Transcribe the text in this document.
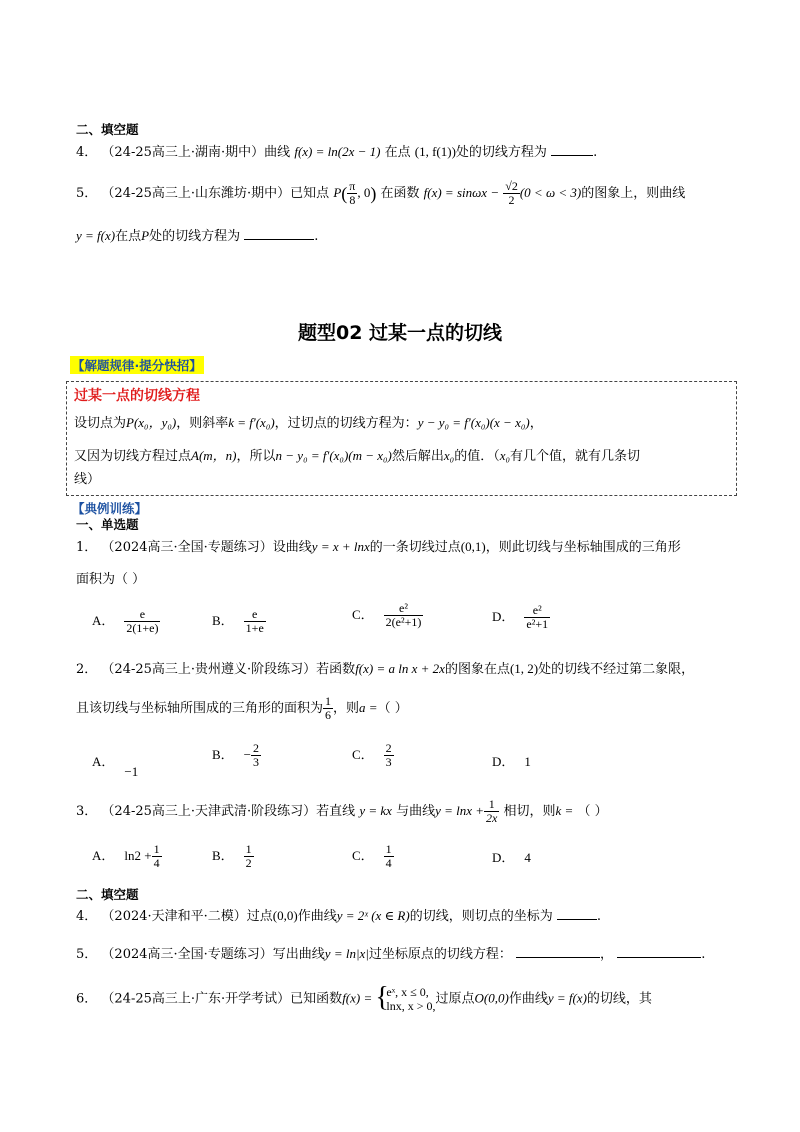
二、填空题
4． （24-25高三上·湖南·期中）曲线 f(x) = ln(2x − 1) 在点 (1, f(1))处的切线方程为	.
5． （24-25高三上·山东潍坊·期中）已知点 $P( \frac{\pi}{8}$ , 0) 在函数 $f(x) = \sin\omega x - \frac{√2}{2} (0 < \omega < 3)$的图象上，则曲线
y = f(x)在点P处的切线方程为	.
题型02 过某一点的切线
【解题规律·提分快招】
过某一点的切线方程
设切点为P(x₀，y₀)，则斜率k = f′(x₀)，过切点的切线方程为：y − y₀ = f′(x₀)(x − x₀)，
又因为切线方程过点A(m，n)，所以n − y₀ = f′(x₀)(m − x₀)然后解出x₀的值．（x₀有几个值，就有几条切
线）
【典例训练】
一、单选题
1． （2024高三·全国·专题练习）设曲线y = x + lnx的一条切线过点(0,1)，则此切线与坐标轴围成的三角形
面积为（ ）
A． $\frac{e}{2(1+e)}$	B． $\frac{e}{1+e}$	C． $\frac{\text{e²}}{\text{2(e²+1)}}$	D． $\frac{\text{e²}}{\text{e²+1}}$
2． （24-25高三上·贵州遵义·阶段练习）若函数f(x) = a ln x + 2x的图象在点(1, 2)处的切线不经过第二象限，
且该切线与坐标轴所围成的三角形的面积为 $\frac{1}{6}$ ，则a =（ ）
A．−1
B． − $\frac{2}{3}$	C． $\frac{2}{3}$	D． 1
3． （24-25高三上·天津武清·阶段练习）若直线 y = kx 与曲线$y = \ln x + \frac{1}{2x}$ 相切，则k = （ ）
A． $\ln 2 + \frac{1}{4}$	B． $\frac{1}{2}$	C． $\frac{1}{4}$	D． 4
二、填空题
4． （2024·天津和平·二模）过点(0,0)作曲线y = 2ˣ (x ∈ R)的切线，则切点的坐标为	.
5． （2024高三·全国·专题练习）写出曲线y = ln|x|过坐标原点的切线方程：	，	.
6． （24-25高三上·广东·开学考试）已知函数f(x) =
{ eˣ, x ≤ 0,
lnx, x > 0, 过原点O(0,0)作曲线y = f(x)的切线，其
